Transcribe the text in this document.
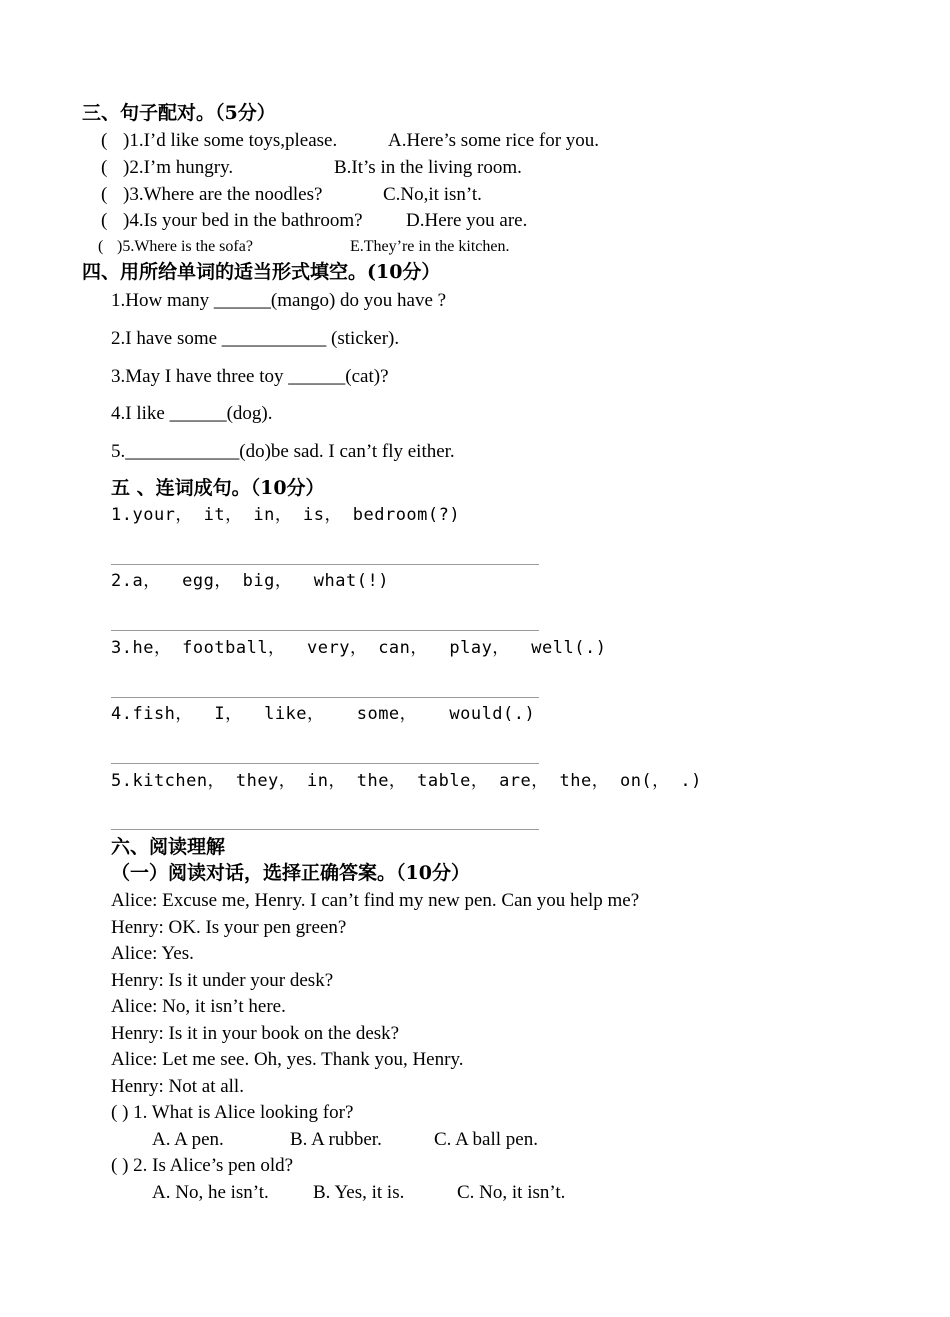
三、句子配对。（5分）
( )1.I’d like some toys,please.	A.Here’s some rice for you.
( )2.I’m hungry.	B.It’s in the living room.
( )3.Where are the noodles?	C.No,it isn’t.
( )4.Is your bed in the bathroom? D.Here you are.
( )5.Where is the sofa?	E.They’re in the kitchen.
四、用所给单词的适当形式填空。(10分）
1.How many ______(mango) do you have ?
2.I have some ___________ (sticker).
3.May I have three toy ______(cat)?
4.I like ______(dog).
5.____________(do)be sad. I can’t fly either.
五 、连词成句。（10分）
1.your， it， in， is， bedroom(?)
2.a，  egg， big，  what(!)
3.he， football，  very， can，  play，  well(.)
4.fish，  I，  like，   some，   would(.)
5.kitchen， they， in， the， table， are， the， on(， .)
六、阅读理解
（一）阅读对话，选择正确答案。（10分）
Alice: Excuse me, Henry. I can’t find my new pen. Can you help me?
Henry: OK. Is your pen green?
Alice: Yes.
Henry: Is it under your desk?
Alice: No, it isn’t here.
Henry: Is it in your book on the desk?
Alice: Let me see. Oh, yes. Thank you, Henry.
Henry: Not at all.
( ) 1. What is Alice looking for?
A. A pen.	B. A rubber.	C. A ball pen.
( ) 2. Is Alice’s pen old?
A. No, he isn’t. B. Yes, it is.	C. No, it isn’t.
